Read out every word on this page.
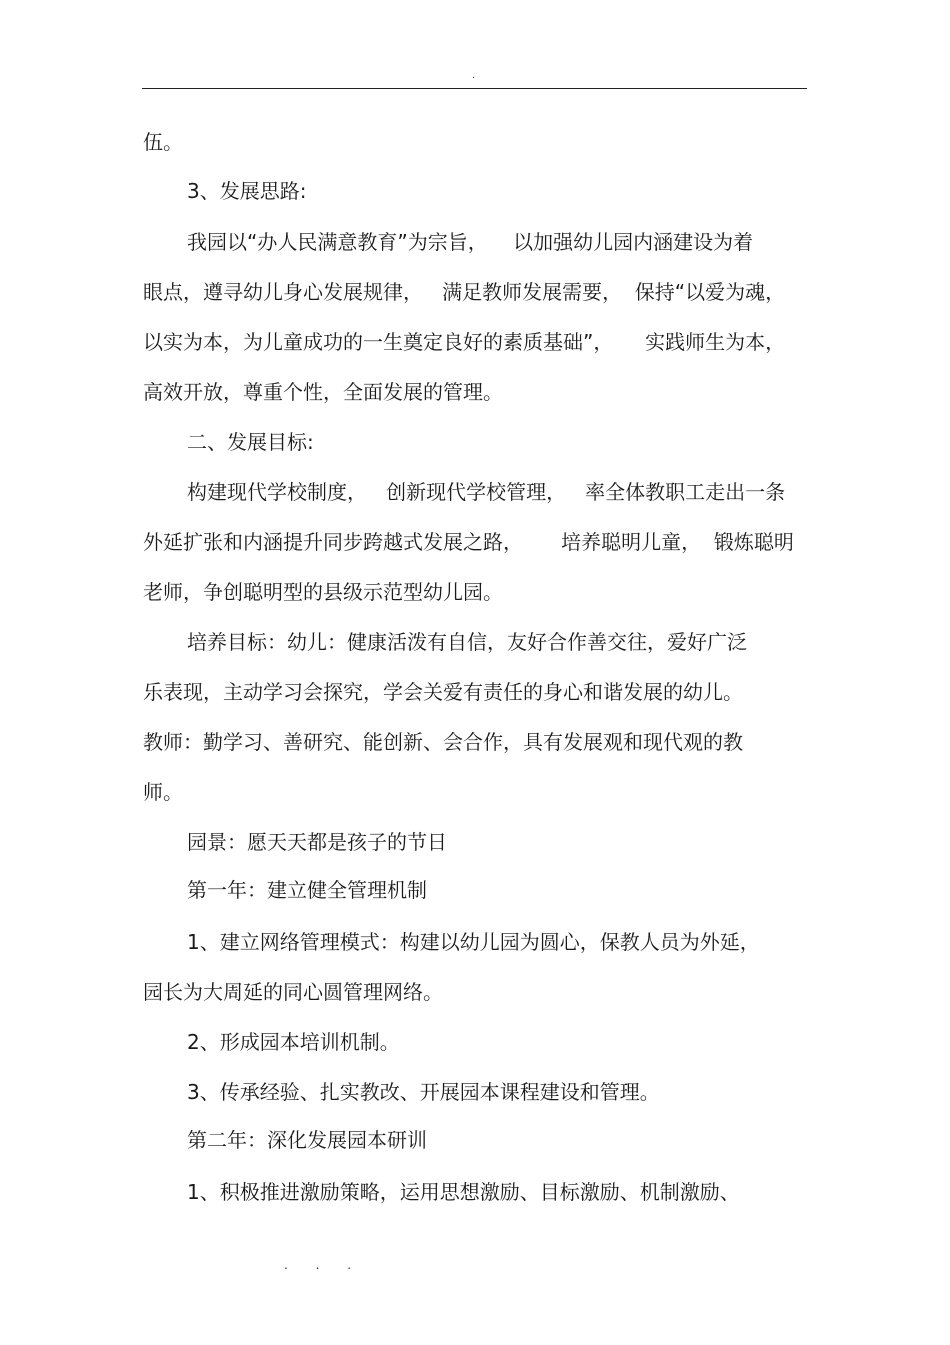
.
伍。
3、发展思路:
我园以“办人民满意教育”为宗旨，    以加强幼儿园内涵建设为着
眼点，遵寻幼儿身心发展规律，   满足教师发展需要，  保持“以爱为魂，
以实为本，为儿童成功的一生奠定良好的素质基础”，     实践师生为本，
高效开放，尊重个性，全面发展的管理。
二、发展目标:
构建现代学校制度，   创新现代学校管理，   率全体教职工走出一条
外延扩张和内涵提升同步跨越式发展之路，      培养聪明儿童，  锻炼聪明
老师，争创聪明型的县级示范型幼儿园。
培养目标：幼儿：健康活泼有自信，友好合作善交往，爱好广泛
乐表现，主动学习会探究，学会关爱有责任的身心和谐发展的幼儿。
教师：勤学习、善研究、能创新、会合作，具有发展观和现代观的教
师。
园景：愿天天都是孩子的节日
第一年：建立健全管理机制
1、建立网络管理模式：构建以幼儿园为圆心，保教人员为外延，
园长为大周延的同心圆管理网络。
2、形成园本培训机制。
3、传承经验、扎实教改、开展园本课程建设和管理。
第二年：深化发展园本研训
1、积极推进激励策略，运用思想激励、目标激励、机制激励、
. . .
